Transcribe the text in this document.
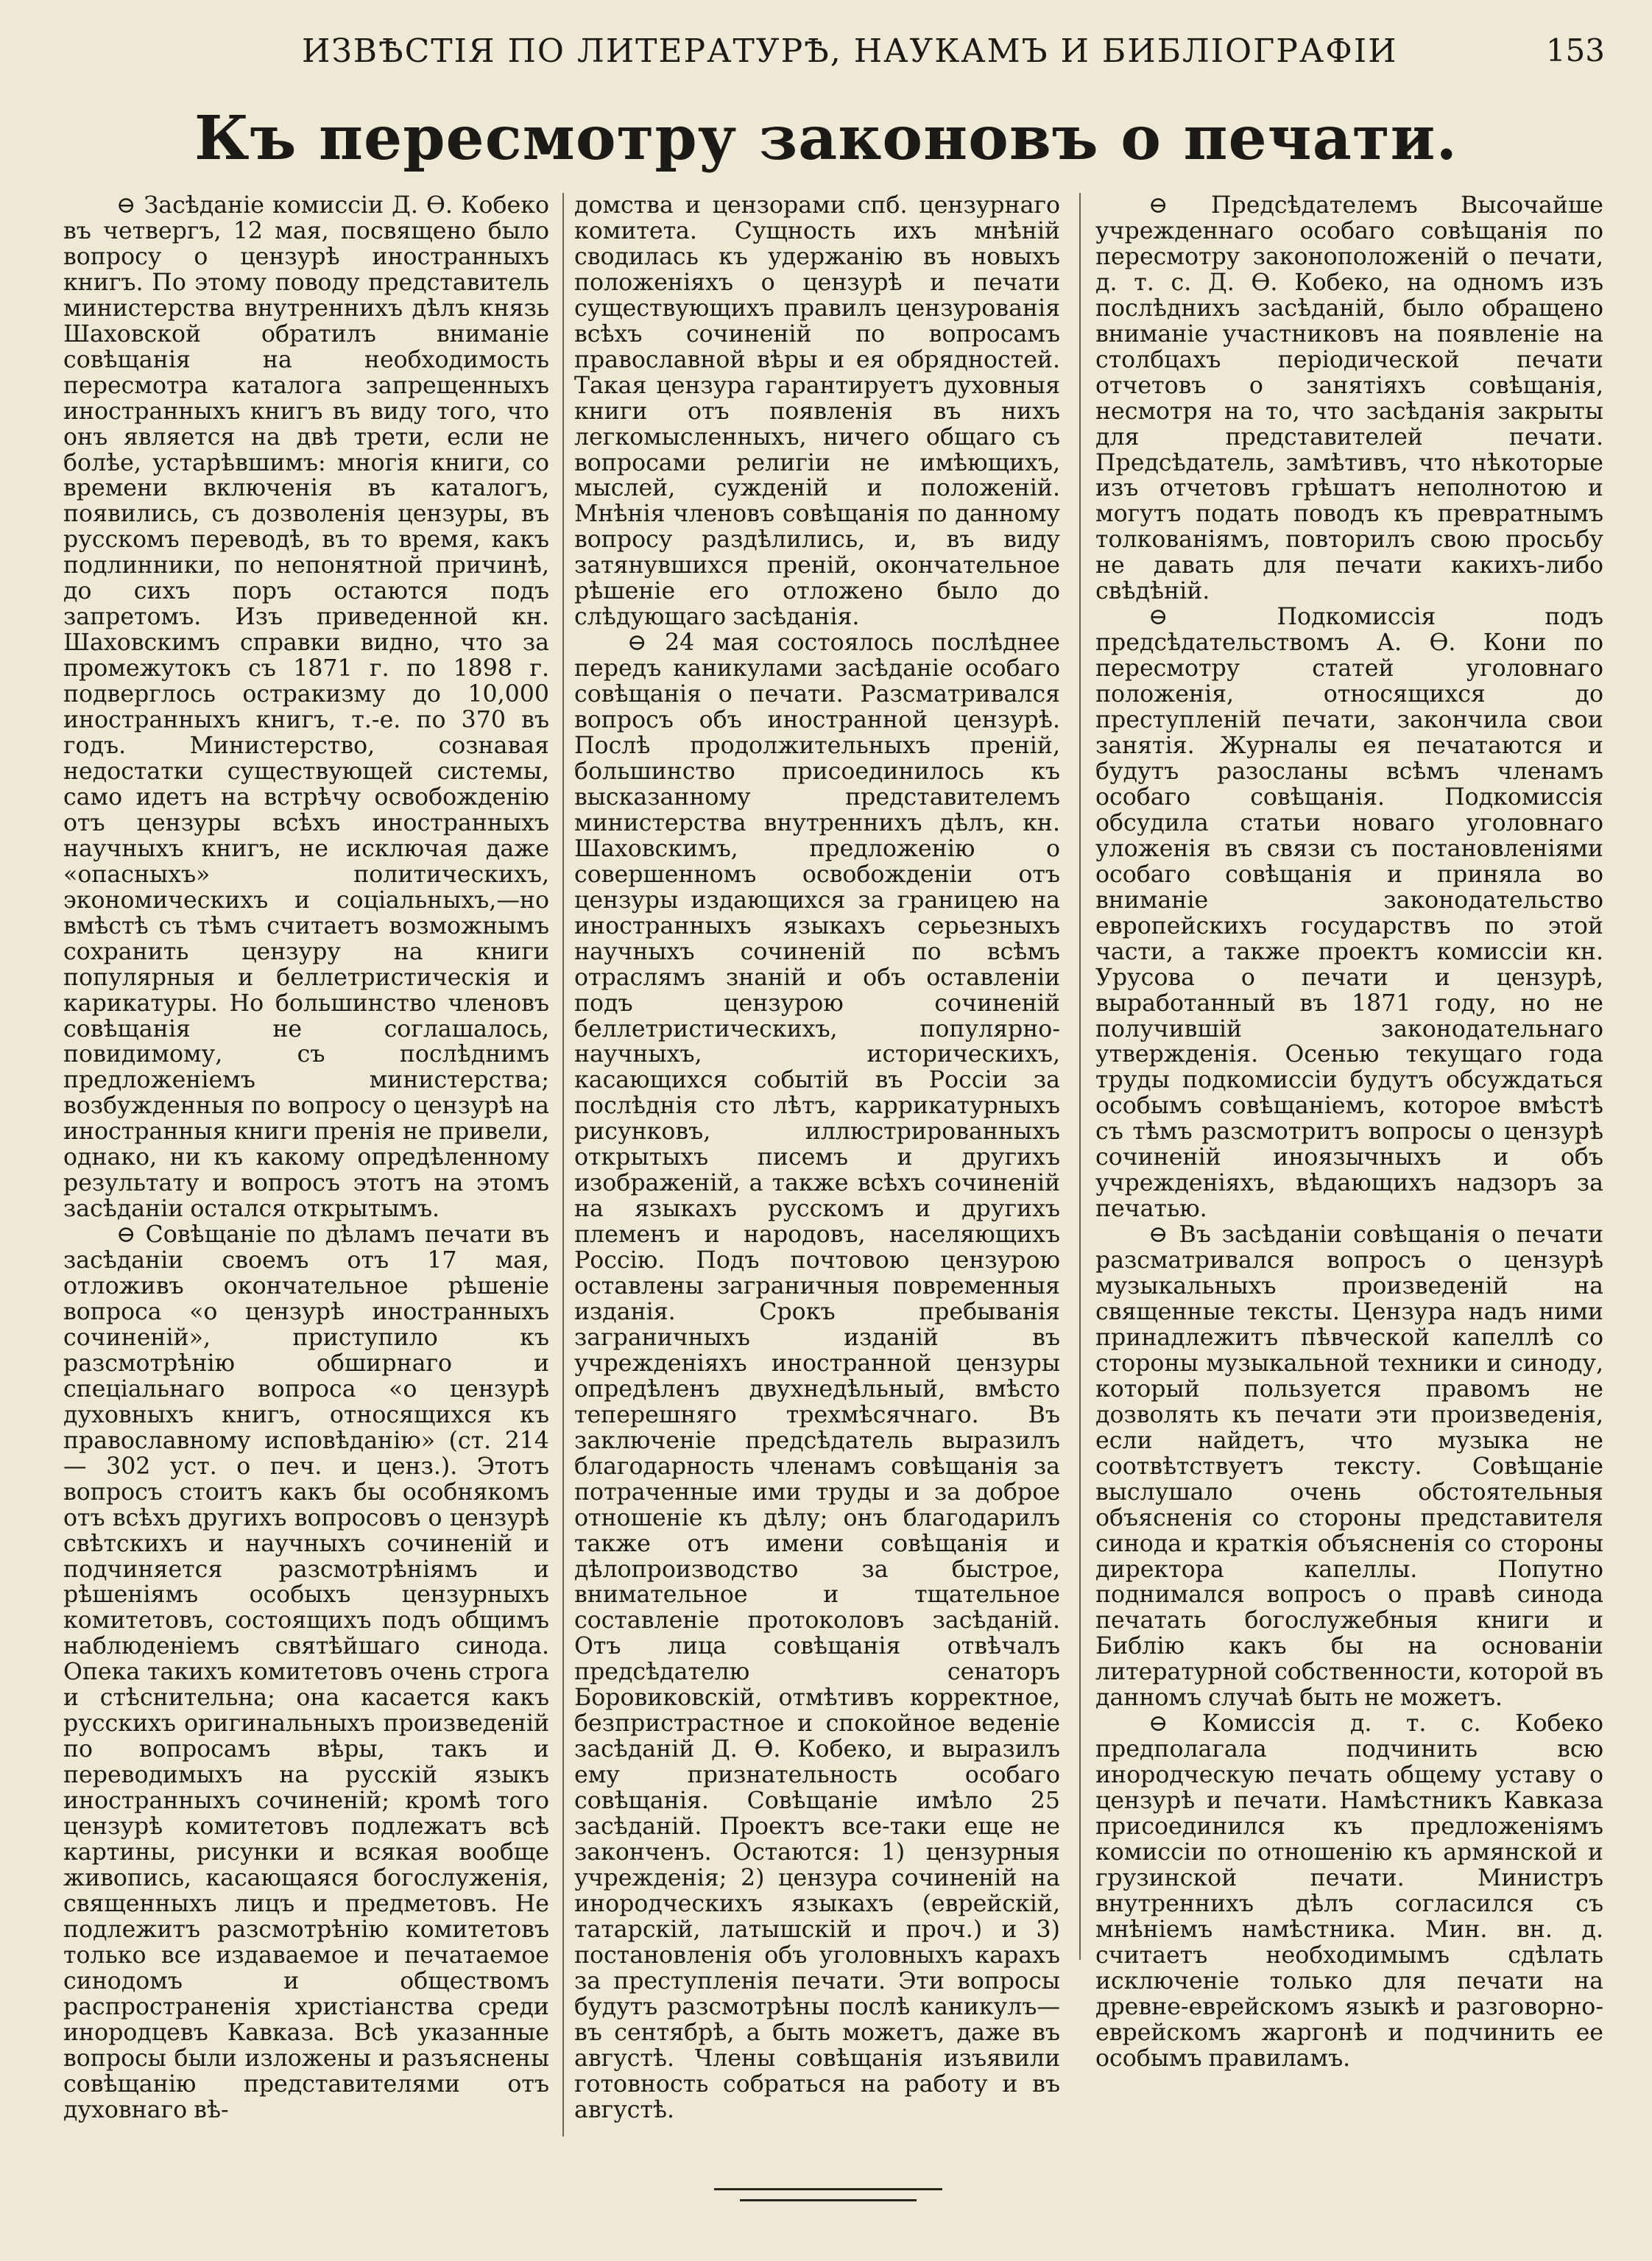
ИЗВѢСТІЯ ПО ЛИТЕРАТУРѢ, НАУКАМЪ И БИБЛІОГРАФІИ	153
Къ пересмотру законовъ о печати.

⊖ Засѣданіе комиссіи Д. Ѳ. Кобеко въ четвергъ, 12 мая, посвящено было вопросу о цензурѣ иностранныхъ книгъ. По этому поводу представитель министерства внутреннихъ дѣлъ князь Шаховской обратилъ вниманіе совѣщанія на необходимость пересмотра каталога запрещенныхъ иностранныхъ книгъ въ виду того, что онъ является на двѣ трети, если не болѣе, устарѣвшимъ: многія книги, со времени включенія въ каталогъ, появились, съ дозволенія цензуры, въ русскомъ переводѣ, въ то время, какъ подлинники, по непонятной причинѣ, до сихъ поръ остаются подъ запретомъ. Изъ приведенной кн. Шаховскимъ справки видно, что за промежутокъ съ 1871 г. по 1898 г. подверглось остракизму до 10,000 иностранныхъ книгъ, т.-е. по 370 въ годъ. Министерство, сознавая недостатки существующей системы, само идетъ на встрѣчу освобожденію отъ цензуры всѣхъ иностранныхъ научныхъ книгъ, не исключая даже «опасныхъ» политическихъ, экономическихъ и соціальныхъ,—но вмѣстѣ съ тѣмъ считаетъ возможнымъ сохранить цензуру на книги популярныя и беллетристическія и карикатуры. Но большинство членовъ совѣщанія не соглашалось, повидимому, съ послѣднимъ предложеніемъ министерства; возбужденныя по вопросу о цензурѣ на иностранныя книги пренія не привели, однако, ни къ какому опредѣленному результату и вопросъ этотъ на этомъ засѣданіи остался открытымъ.

⊖ Совѣщаніе по дѣламъ печати въ засѣданіи своемъ отъ 17 мая, отложивъ окончательное рѣшеніе вопроса «о цензурѣ иностранныхъ сочиненій», приступило къ разсмотрѣнію обширнаго и спеціальнаго вопроса «о цензурѣ духовныхъ книгъ, относящихся къ православному исповѣданію» (ст. 214 — 302 уст. о печ. и ценз.). Этотъ вопросъ стоитъ какъ бы особнякомъ отъ всѣхъ другихъ вопросовъ о цензурѣ свѣтскихъ и научныхъ сочиненій и подчиняется разсмотрѣніямъ и рѣшеніямъ особыхъ цензурныхъ комитетовъ, состоящихъ подъ общимъ наблюденіемъ святѣйшаго синода. Опека такихъ комитетовъ очень строга и стѣснительна; она касается какъ русскихъ оригинальныхъ произведеній по вопросамъ вѣры, такъ и переводимыхъ на русскій языкъ иностранныхъ сочиненій; кромѣ того цензурѣ комитетовъ подлежатъ всѣ картины, рисунки и всякая вообще живопись, касающаяся богослуженія, священныхъ лицъ и предметовъ. Не подлежитъ разсмотрѣнію комитетовъ только все издаваемое и печатаемое синодомъ и обществомъ распространенія христіанства среди инородцевъ Кавказа. Всѣ указанные вопросы были изложены и разъяснены совѣщанію представителями отъ духовнаго вѣ-

домства и цензорами спб. цензурнаго комитета. Сущность ихъ мнѣній сводилась къ удержанію въ новыхъ положеніяхъ о цензурѣ и печати существующихъ правилъ цензурованія всѣхъ сочиненій по вопросамъ православной вѣры и ея обрядностей. Такая цензура гарантируетъ духовныя книги отъ появленія въ нихъ легкомысленныхъ, ничего общаго съ вопросами религіи не имѣющихъ, мыслей, сужденій и положеній. Мнѣнія членовъ совѣщанія по данному вопросу раздѣлились, и, въ виду затянувшихся преній, окончательное рѣшеніе его отложено было до слѣдующаго засѣданія.

⊖ 24 мая состоялось послѣднее передъ каникулами засѣданіе особаго совѣщанія о печати. Разсматривался вопросъ объ иностранной цензурѣ. Послѣ продолжительныхъ преній, большинство присоединилось къ высказанному представителемъ министерства внутреннихъ дѣлъ, кн. Шаховскимъ, предложенію о совершенномъ освобожденіи отъ цензуры издающихся за границею на иностранныхъ языкахъ серьезныхъ научныхъ сочиненій по всѣмъ отраслямъ знаній и объ оставленіи подъ цензурою сочиненій беллетристическихъ, популярно-научныхъ, историческихъ, касающихся событій въ Россіи за послѣднія сто лѣтъ, каррикатурныхъ рисунковъ, иллюстрированныхъ открытыхъ писемъ и другихъ изображеній, а также всѣхъ сочиненій на языкахъ русскомъ и другихъ племенъ и народовъ, населяющихъ Россію. Подъ почтовою цензурою оставлены заграничныя повременныя изданія. Срокъ пребыванія заграничныхъ изданій въ учрежденіяхъ иностранной цензуры опредѣленъ двухнедѣльный, вмѣсто теперешняго трехмѣсячнаго. Въ заключеніе предсѣдатель выразилъ благодарность членамъ совѣщанія за потраченные ими труды и за доброе отношеніе къ дѣлу; онъ благодарилъ также отъ имени совѣщанія и дѣлопроизводство за быстрое, внимательное и тщательное составленіе протоколовъ засѣданій. Отъ лица совѣщанія отвѣчалъ предсѣдателю сенаторъ Боровиковскій, отмѣтивъ корректное, безпристрастное и спокойное веденіе засѣданій Д. Ѳ. Кобеко, и выразилъ ему признательность особаго совѣщанія. Совѣщаніе имѣло 25 засѣданій. Проектъ все-таки еще не законченъ. Остаются: 1) цензурныя учрежденія; 2) цензура сочиненій на инородческихъ языкахъ (еврейскій, татарскій, латышскій и проч.) и 3) постановленія объ уголовныхъ карахъ за преступленія печати. Эти вопросы будутъ разсмотрѣны послѣ каникулъ— въ сентябрѣ, а быть можетъ, даже въ августѣ. Члены совѣщанія изъявили готовность собраться на работу и въ августѣ.

⊖ Предсѣдателемъ Высочайше учрежденнаго особаго совѣщанія по пересмотру законоположеній о печати, д. т. с. Д. Ѳ. Кобеко, на одномъ изъ послѣднихъ засѣданій, было обращено вниманіе участниковъ на появленіе на столбцахъ періодической печати отчетовъ о занятіяхъ совѣщанія, несмотря на то, что засѣданія закрыты для представителей печати. Предсѣдатель, замѣтивъ, что нѣкоторые изъ отчетовъ грѣшатъ неполнотою и могутъ подать поводъ къ превратнымъ толкованіямъ, повторилъ свою просьбу не давать для печати какихъ-либо свѣдѣній.

⊖ Подкомиссія подъ предсѣдательствомъ А. Ѳ. Кони по пересмотру статей уголовнаго положенія, относящихся до преступленій печати, закончила свои занятія. Журналы ея печатаются и будутъ разосланы всѣмъ членамъ особаго совѣщанія. Подкомиссія обсудила статьи новаго уголовнаго уложенія въ связи съ постановленіями особаго совѣщанія и приняла во вниманіе законодательство европейскихъ государствъ по этой части, а также проектъ комиссіи кн. Урусова о печати и цензурѣ, выработанный въ 1871 году, но не получившій законодательнаго утвержденія. Осенью текущаго года труды подкомиссіи будутъ обсуждаться особымъ совѣщаніемъ, которое вмѣстѣ съ тѣмъ разсмотритъ вопросы о цензурѣ сочиненій иноязычныхъ и объ учрежденіяхъ, вѣдающихъ надзоръ за печатью.

⊖ Въ засѣданіи совѣщанія о печати разсматривался вопросъ о цензурѣ музыкальныхъ произведеній на священные тексты. Цензура надъ ними принадлежитъ пѣвческой капеллѣ со стороны музыкальной техники и синоду, который пользуется правомъ не дозволять къ печати эти произведенія, если найдетъ, что музыка не соотвѣтствуетъ тексту. Совѣщаніе выслушало очень обстоятельныя объясненія со стороны представителя синода и краткія объясненія со стороны директора капеллы. Попутно поднимался вопросъ о правѣ синода печатать богослужебныя книги и Библію какъ бы на основаніи литературной собственности, которой въ данномъ случаѣ быть не можетъ.

⊖ Комиссія д. т. с. Кобеко предполагала подчинить всю инородческую печать общему уставу о цензурѣ и печати. Намѣстникъ Кавказа присоединился къ предложеніямъ комиссіи по отношенію къ армянской и грузинской печати. Министръ внутреннихъ дѣлъ согласился съ мнѣніемъ намѣстника. Мин. вн. д. считаетъ необходимымъ сдѣлать исключеніе только для печати на древне-еврейскомъ языкѣ и разговорно-еврейскомъ жаргонѣ и подчинить ее особымъ правиламъ.
